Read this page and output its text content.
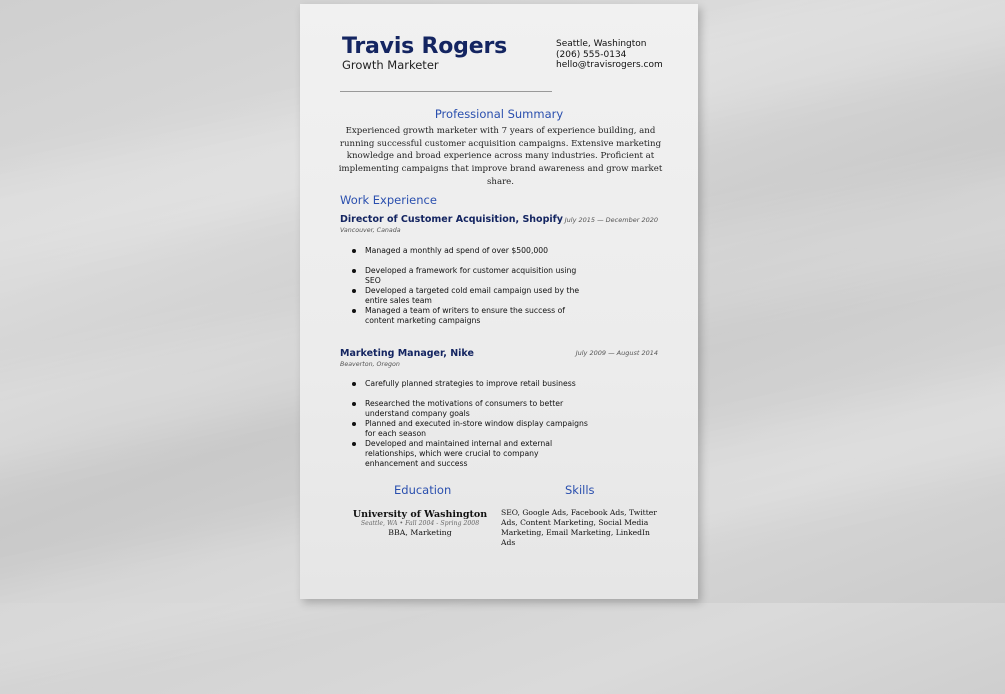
Travis Rogers
Growth Marketer
Seattle, Washington
(206) 555-0134
hello@travisrogers.com
Professional Summary
Experienced growth marketer with 7 years of experience building, and running successful customer acquisition campaigns. Extensive marketing knowledge and broad experience across many industries. Proficient at implementing campaigns that improve brand awareness and grow market share.
Work Experience
Director of Customer Acquisition, Shopify July 2015 — December 2020
Vancouver, Canada
Managed a monthly ad spend of over $500,000
Developed a framework for customer acquisition using SEO
Developed a targeted cold email campaign used by the entire sales team
Managed a team of writers to ensure the success of content marketing campaigns
Marketing Manager, Nike	July 2009 — August 2014
Beaverton, Oregon
Carefully planned strategies to improve retail business
Researched the motivations of consumers to better understand company goals
Planned and executed in-store window display campaigns for each season
Developed and maintained internal and external relationships, which were crucial to company enhancement and success
Education
University of Washington
Seattle, WA • Fall 2004 - Spring 2008
BBA, Marketing
Skills
SEO, Google Ads, Facebook Ads, Twitter Ads, Content Marketing, Social Media Marketing, Email Marketing, LinkedIn Ads
